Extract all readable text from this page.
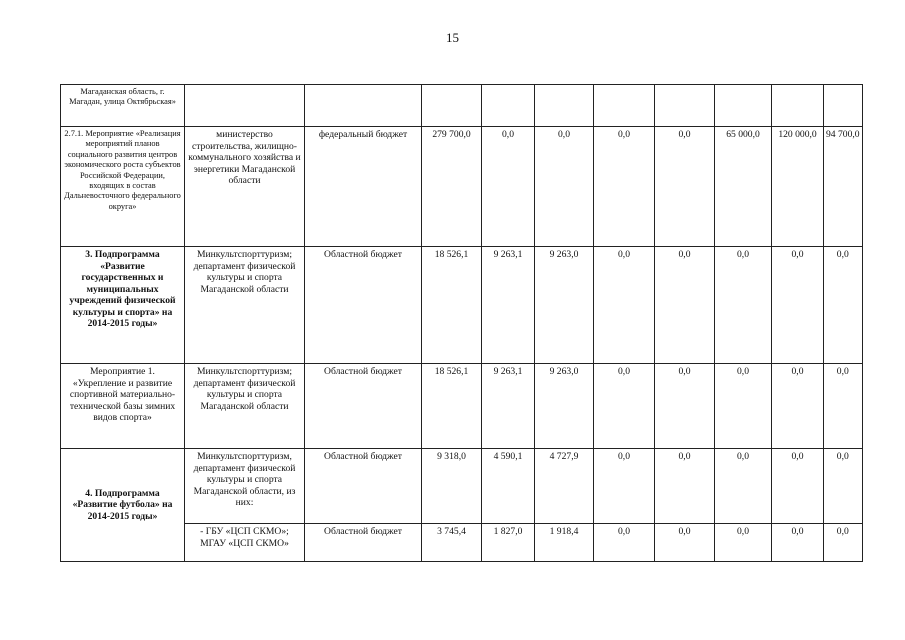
15
Магаданская область, г. Магадан, улица Октябрьская»										
2.7.1. Мероприятие «Реализация мероприятий планов социального развития центров экономического роста субъектов Российской Федерации, входящих в состав Дальневосточного федерального округа»	министерство строительства, жилищно-коммунального хозяйства и энергетики Магаданской области	федеральный бюджет	279 700,0	0,0	0,0	0,0	0,0	65 000,0	120 000,0	94 700,0
3. Подпрограмма «Развитие государственных и муниципальных учреждений физической культуры и спорта» на 2014-2015 годы»	Минкультспорттуризм; департамент физической культуры и спорта Магаданской области	Областной бюджет	18 526,1	9 263,1	9 263,0	0,0	0,0	0,0	0,0	0,0
Мероприятие 1. «Укрепление и развитие спортивной материально-технической базы зимних видов спорта»	Минкультспорттуризм; департамент физической культуры и спорта Магаданской области	Областной бюджет	18 526,1	9 263,1	9 263,0	0,0	0,0	0,0	0,0	0,0
4. Подпрограмма «Развитие футбола» на 2014-2015 годы»	Минкультспорттуризм, департамент физической культуры и спорта Магаданской области, из них:	Областной бюджет	9 318,0	4 590,1	4 727,9	0,0	0,0	0,0	0,0	0,0
	- ГБУ «ЦСП СКМО»; МГАУ «ЦСП СКМО»	Областной бюджет	3 745,4	1 827,0	1 918,4	0,0	0,0	0,0	0,0	0,0
